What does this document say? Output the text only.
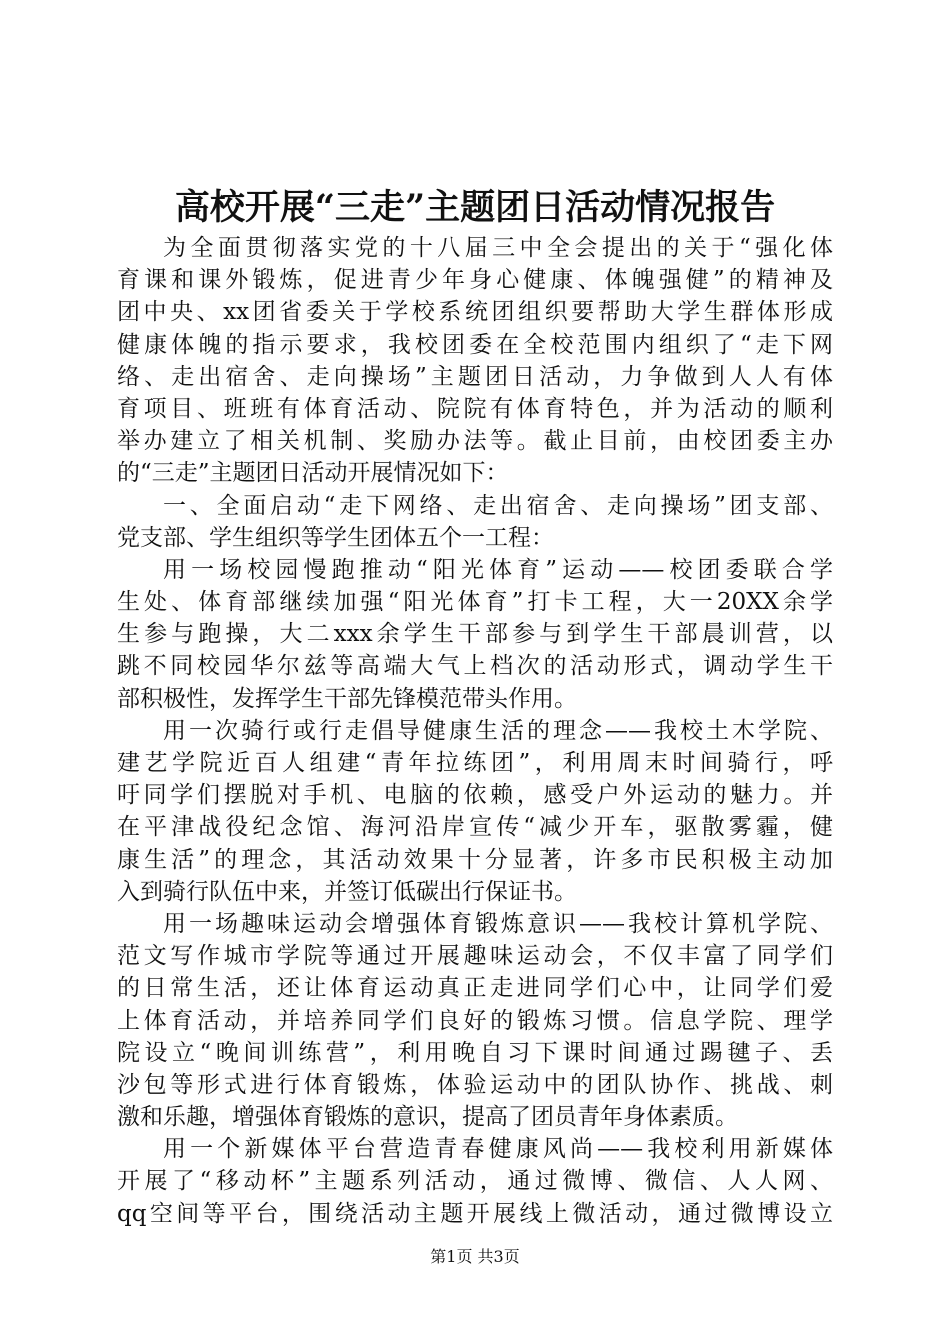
高校开展“三走”主题团日活动情况报告
为全面贯彻落实党的十八届三中全会提出的关于“强化体
育课和课外锻炼，促进青少年身心健康、体魄强健”的精神及
团中央、xx团省委关于学校系统团组织要帮助大学生群体形成
健康体魄的指示要求，我校团委在全校范围内组织了“走下网
络、走出宿舍、走向操场”主题团日活动，力争做到人人有体
育项目、班班有体育活动、院院有体育特色，并为活动的顺利
举办建立了相关机制、奖励办法等。截止目前，由校团委主办
的“三走”主题团日活动开展情况如下：
一、全面启动“走下网络、走出宿舍、走向操场”团支部、
党支部、学生组织等学生团体五个一工程：
用一场校园慢跑推动“阳光体育”运动——校团委联合学
生处、体育部继续加强“阳光体育”打卡工程，大一20XX余学
生参与跑操，大二xxx余学生干部参与到学生干部晨训营，以
跳不同校园华尔兹等高端大气上档次的活动形式，调动学生干
部积极性，发挥学生干部先锋模范带头作用。
用一次骑行或行走倡导健康生活的理念——我校土木学院、
建艺学院近百人组建“青年拉练团”，利用周末时间骑行，呼
吁同学们摆脱对手机、电脑的依赖，感受户外运动的魅力。并
在平津战役纪念馆、海河沿岸宣传“减少开车，驱散雾霾，健
康生活”的理念，其活动效果十分显著，许多市民积极主动加
入到骑行队伍中来，并签订低碳出行保证书。
用一场趣味运动会增强体育锻炼意识——我校计算机学院、
范文写作城市学院等通过开展趣味运动会，不仅丰富了同学们
的日常生活，还让体育运动真正走进同学们心中，让同学们爱
上体育活动，并培养同学们良好的锻炼习惯。信息学院、理学
院设立“晚间训练营”，利用晚自习下课时间通过踢毽子、丢
沙包等形式进行体育锻炼，体验运动中的团队协作、挑战、刺
激和乐趣，增强体育锻炼的意识，提高了团员青年身体素质。
用一个新媒体平台营造青春健康风尚——我校利用新媒体
开展了“移动杯”主题系列活动，通过微博、微信、人人网、
qq空间等平台，围绕活动主题开展线上微活动，通过微博设立
第1页 共3页
